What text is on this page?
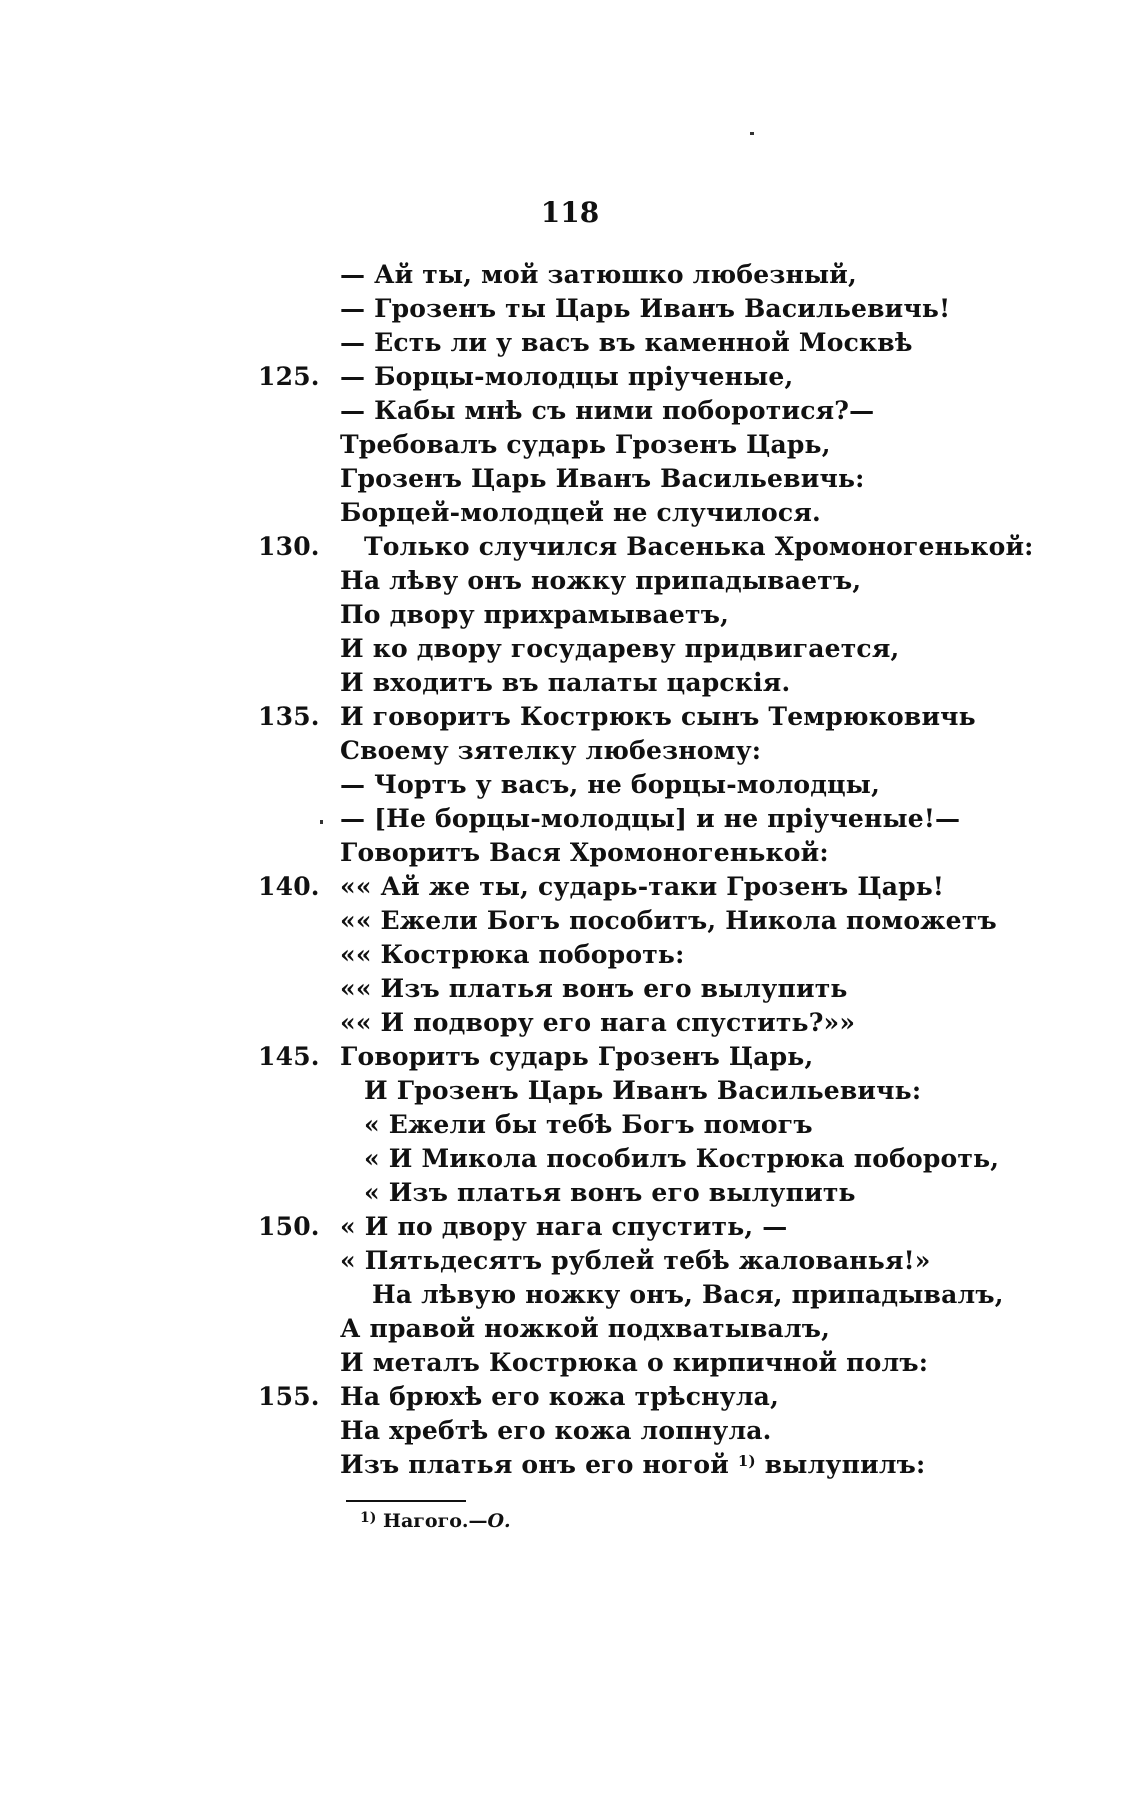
118
— Ай ты, мой затюшко любезный,
— Грозенъ ты Царь Иванъ Васильевичь!
— Есть ли у васъ въ каменной Москвѣ
125. — Борцы-молодцы пріученые,
— Кабы мнѣ съ ними поборотися?—
Требовалъ сударь Грозенъ Царь,
Грозенъ Царь Иванъ Васильевичь:
Борцей-молодцей не случилося.
130.	Только случился Васенька Хромоногенькой:
На лѣву онъ ножку припадываетъ,
По двору прихрамываетъ,
И ко двору государеву придвигается,
И входитъ въ палаты царскія.
135. И говоритъ Кострюкъ сынъ Темрюковичь
Своему зятелку любезному:
— Чортъ у васъ, не борцы-молодцы,
— [Не борцы-молодцы] и не пріученые!—
Говоритъ Вася Хромоногенькой:
140. «« Ай же ты, сударь-таки Грозенъ Царь!
«« Ежели Богъ пособитъ, Никола поможетъ
«« Кострюка побороть:
«« Изъ платья вонъ его вылупить
«« И подвору его нага спустить?»»
145. Говоритъ сударь Грозенъ Царь,
И Грозенъ Царь Иванъ Васильевичь:
« Ежели бы тебѣ Богъ помогъ
« И Микола пособилъ Кострюка побороть,
« Изъ платья вонъ его вылупить
150. « И по двору нага спустить, —
« Пятьдесятъ рублей тебѣ жалованья!»
На лѣвую ножку онъ, Вася, припадывалъ,
А правой ножкой подхватывалъ,
И металъ Кострюка о кирпичной полъ:
155. На брюхѣ его кожа трѣснула,
На хребтѣ его кожа лопнула.
Изъ платья онъ его ногой $^{1)}$ вылупилъ:
$^{1)}$ Нагого.—О.
